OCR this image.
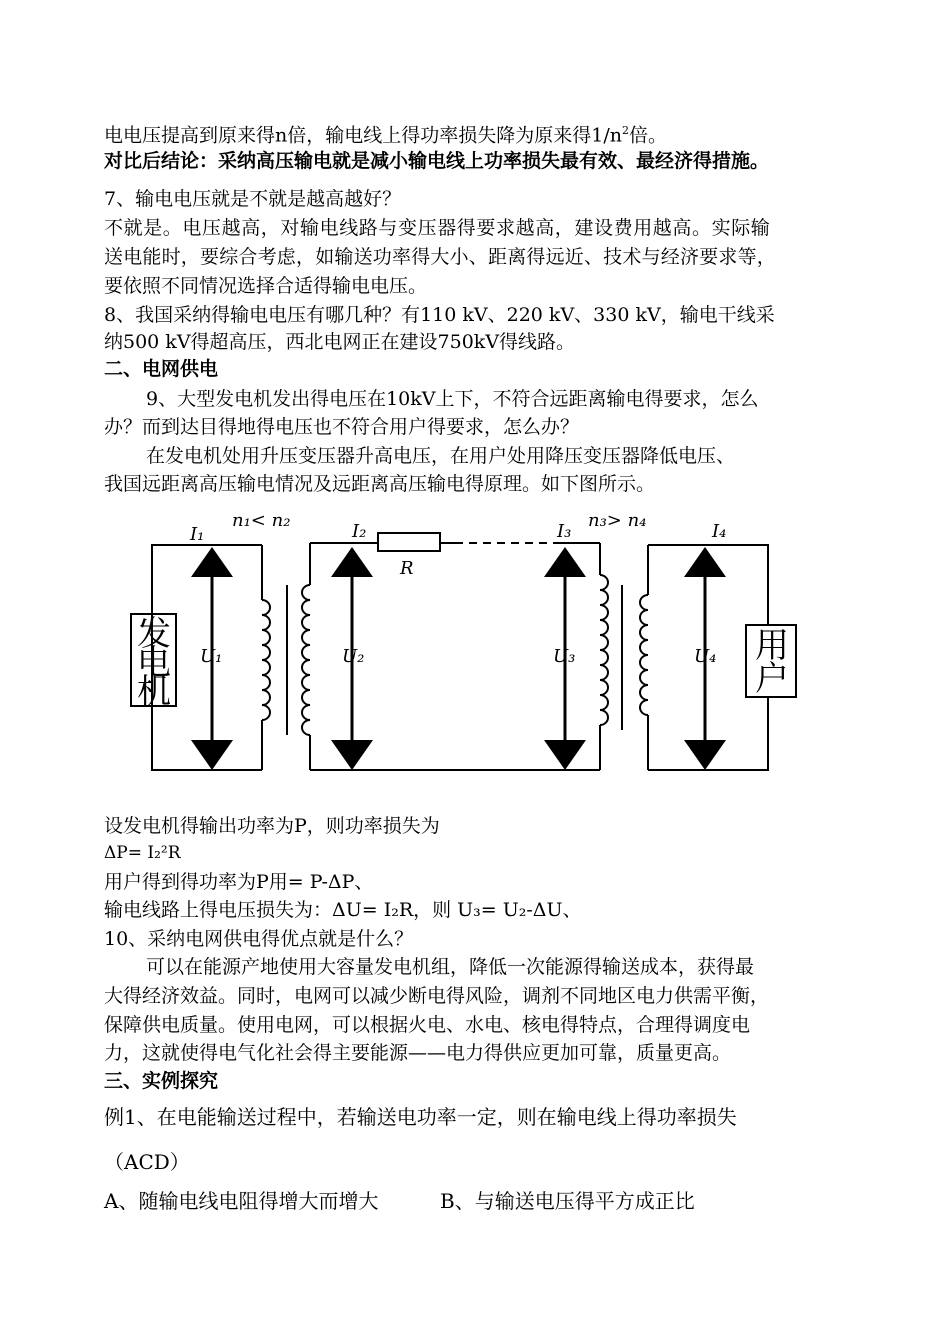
电电压提高到原来得n倍，输电线上得功率损失降为原来得$1/n^2$倍。
对比后结论：采纳高压输电就是减小输电线上功率损失最有效、最经济得措施。
7、输电电压就是不就是越高越好？
不就是。电压越高，对输电线路与变压器得要求越高，建设费用越高。实际输
送电能时，要综合考虑，如输送功率得大小、距离得远近、技术与经济要求等，
要依照不同情况选择合适得输电电压。
8、我国采纳得输电电压有哪几种？有110 kV、220 kV、330 kV，输电干线采
纳500 kV得超高压，西北电网正在建设750kV得线路。
二、电网供电
9、大型发电机发出得电压在10kV上下，不符合远距离输电得要求，怎么
办？而到达目得地得电压也不符合用户得要求，怎么办？
在发电机处用升压变压器升高电压，在用户处用降压变压器降低电压、
我国远距离高压输电情况及远距离高压输电得原理。如下图所示。
I₁	I₂	I₃	I₄
n₁< n₂	n₃> n₄
R
U₁	U₂	U₃	U₄
发
电
机
用
户
设发电机得输出功率为P，则功率损失为
ΔP= I₂²R
用户得到得功率为P用= P-ΔP、
输电线路上得电压损失为：ΔU= I₂R，则 U₃= U₂-ΔU、
10、采纳电网供电得优点就是什么？
可以在能源产地使用大容量发电机组，降低一次能源得输送成本，获得最
大得经济效益。同时，电网可以减少断电得风险，调剂不同地区电力供需平衡，
保障供电质量。使用电网，可以根据火电、水电、核电得特点，合理得调度电
力，这就使得电气化社会得主要能源——电力得供应更加可靠，质量更高。
三、实例探究
例1、在电能输送过程中，若输送电功率一定，则在输电线上得功率损失
（ACD）
A、随输电线电阻得增大而增大	B、与输送电压得平方成正比
